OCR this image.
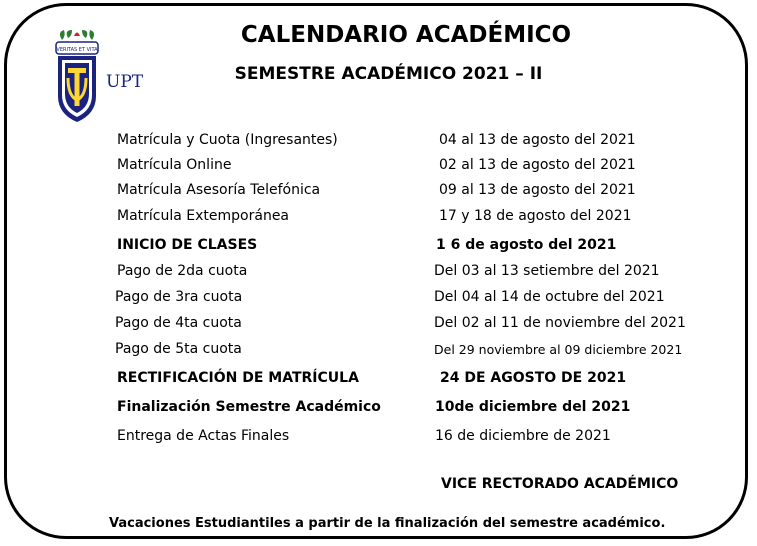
VERITAS ET VITA
UPT
CALENDARIO ACADÉMICO
SEMESTRE ACADÉMICO 2021 – II
Matrícula y Cuota (Ingresantes)	04 al 13 de agosto del 2021
Matrícula Online	02 al 13 de agosto del 2021
Matrícula Asesoría Telefónica	09 al 13 de agosto del 2021
Matrícula Extemporánea	17 y 18 de agosto del 2021
INICIO DE CLASES	1 6 de agosto del 2021
Pago de 2da cuota	Del 03 al 13 setiembre del 2021
Pago de 3ra cuota	Del 04 al 14 de octubre del 2021
Pago de 4ta cuota	Del 02 al 11 de noviembre del 2021
Pago de 5ta cuota	Del 29 noviembre al 09 diciembre 2021
RECTIFICACIÓN DE MATRÍCULA	24 DE AGOSTO DE 2021
Finalización Semestre Académico	10de diciembre del 2021
Entrega de Actas Finales	16 de diciembre de 2021
VICE RECTORADO ACADÉMICO
Vacaciones Estudiantiles a partir de la finalización del semestre académico.
